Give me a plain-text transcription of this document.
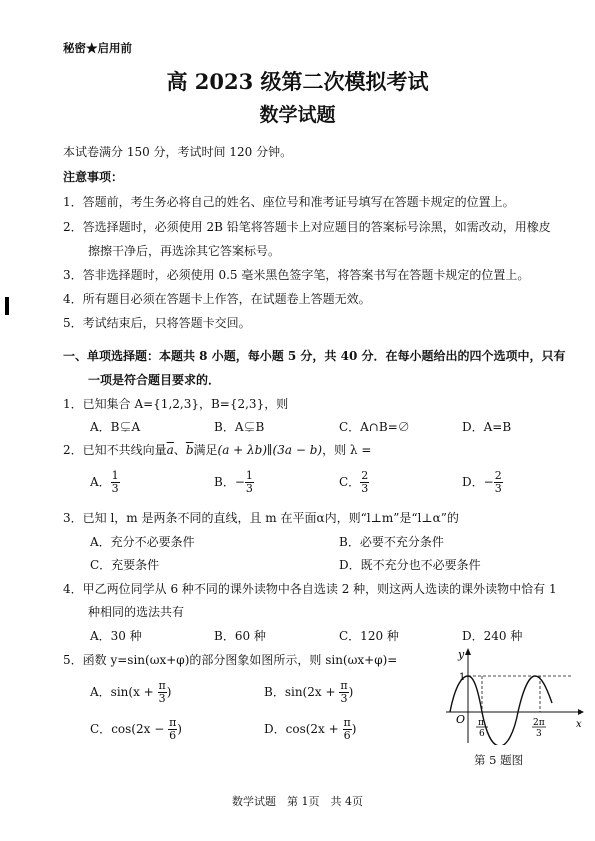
秘密★启用前
高 2023 级第二次模拟考试
数学试题
本试卷满分 150 分，考试时间 120 分钟。
注意事项：
1．答题前，考生务必将自己的姓名、座位号和准考证号填写在答题卡规定的位置上。
2．答选择题时，必须使用 2B 铅笔将答题卡上对应题目的答案标号涂黑，如需改动，用橡皮
擦擦干净后，再选涂其它答案标号。
3．答非选择题时，必须使用 0.5 毫米黑色签字笔，将答案书写在答题卡规定的位置上。
4．所有题目必须在答题卡上作答，在试题卷上答题无效。
5．考试结束后，只将答题卡交回。
一、单项选择题：本题共 8 小题，每小题 5 分，共 40 分．在每小题给出的四个选项中，只有
一项是符合题目要求的．
1．已知集合 A={1,2,3}，B={2,3}，则
A．B⊊A	B．A⊊B	C．A∩B=∅	D．A=B
2．已知不共线向量$\overline{a}$、$\overline{b}$满足(a + λb)∥(3a − b)，则 λ =
A． $\frac{1}{3}$	B．− $\frac{1}{3}$	C． $\frac{2}{3}$	D．− $\frac{2}{3}$
3．已知 l，m 是两条不同的直线，且 m 在平面α内，则“l⊥m”是“l⊥α”的
A．充分不必要条件	B．必要不充分条件
C．充要条件	D．既不充分也不必要条件
4．甲乙两位同学从 6 种不同的课外读物中各自选读 2 种，则这两人选读的课外读物中恰有 1
种相同的选法共有
A．30 种	B．60 种	C．120 种	D．240 种
5．函数 y=sin(ωx+φ)的部分图象如图所示，则 sin(ωx+φ)=
A．$\sin(x + \frac{\pi}{3}$ )	B．$\sin(2x + \frac{\pi}{3}$ )
C．$\cos(2x - \frac{\pi}{6}$ )	D．$\cos(2x + \frac{\pi}{6}$ )
y
x
O
1
π
6
2π
3
第 5 题图
数学试题　第 1页　共 4页
